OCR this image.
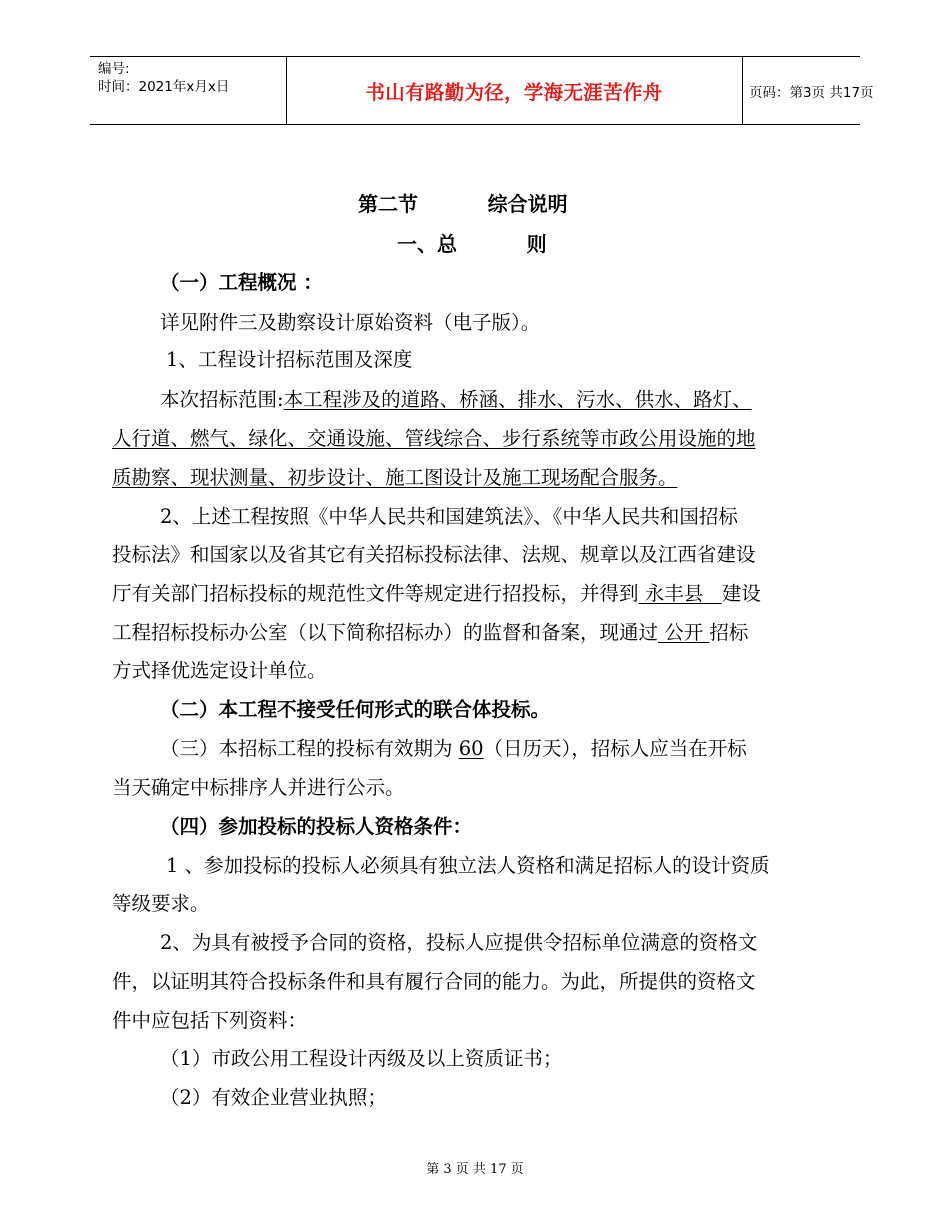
编号:
时间：2021年x月x日	书山有路勤为径，学海无涯苦作舟	页码：第3页 共17页
第二节          综合说明
一、总          则
（一）工程概况 ：
详见附件三及勘察设计原始资料（电子版）。
1、工程设计招标范围及深度
本次招标范围:本工程涉及的道路、桥涵、排水、污水、供水、路灯、
人行道、燃气、绿化、交通设施、管线综合、步行系统等市政公用设施的地
质勘察、现状测量、初步设计、施工图设计及施工现场配合服务。
2、上述工程按照《中华人民共和国建筑法》、《中华人民共和国招标
投标法》和国家以及省其它有关招标投标法律、法规、规章以及江西省建设
厅有关部门招标投标的规范性文件等规定进行招投标，并得到 永丰县   建设
工程招标投标办公室（以下简称招标办）的监督和备案，现通过 公开 招标
方式择优选定设计单位。
（二）本工程不接受任何形式的联合体投标。
（三）本招标工程的投标有效期为 60（日历天），招标人应当在开标
当天确定中标排序人并进行公示。
（四）参加投标的投标人资格条件：
1 、参加投标的投标人必须具有独立法人资格和满足招标人的设计资质
等级要求。
2、为具有被授予合同的资格，投标人应提供令招标单位满意的资格文
件，以证明其符合投标条件和具有履行合同的能力。为此，所提供的资格文
件中应包括下列资料：
（1）市政公用工程设计丙级及以上资质证书；
（2）有效企业营业执照；
第 3 页 共 17 页
